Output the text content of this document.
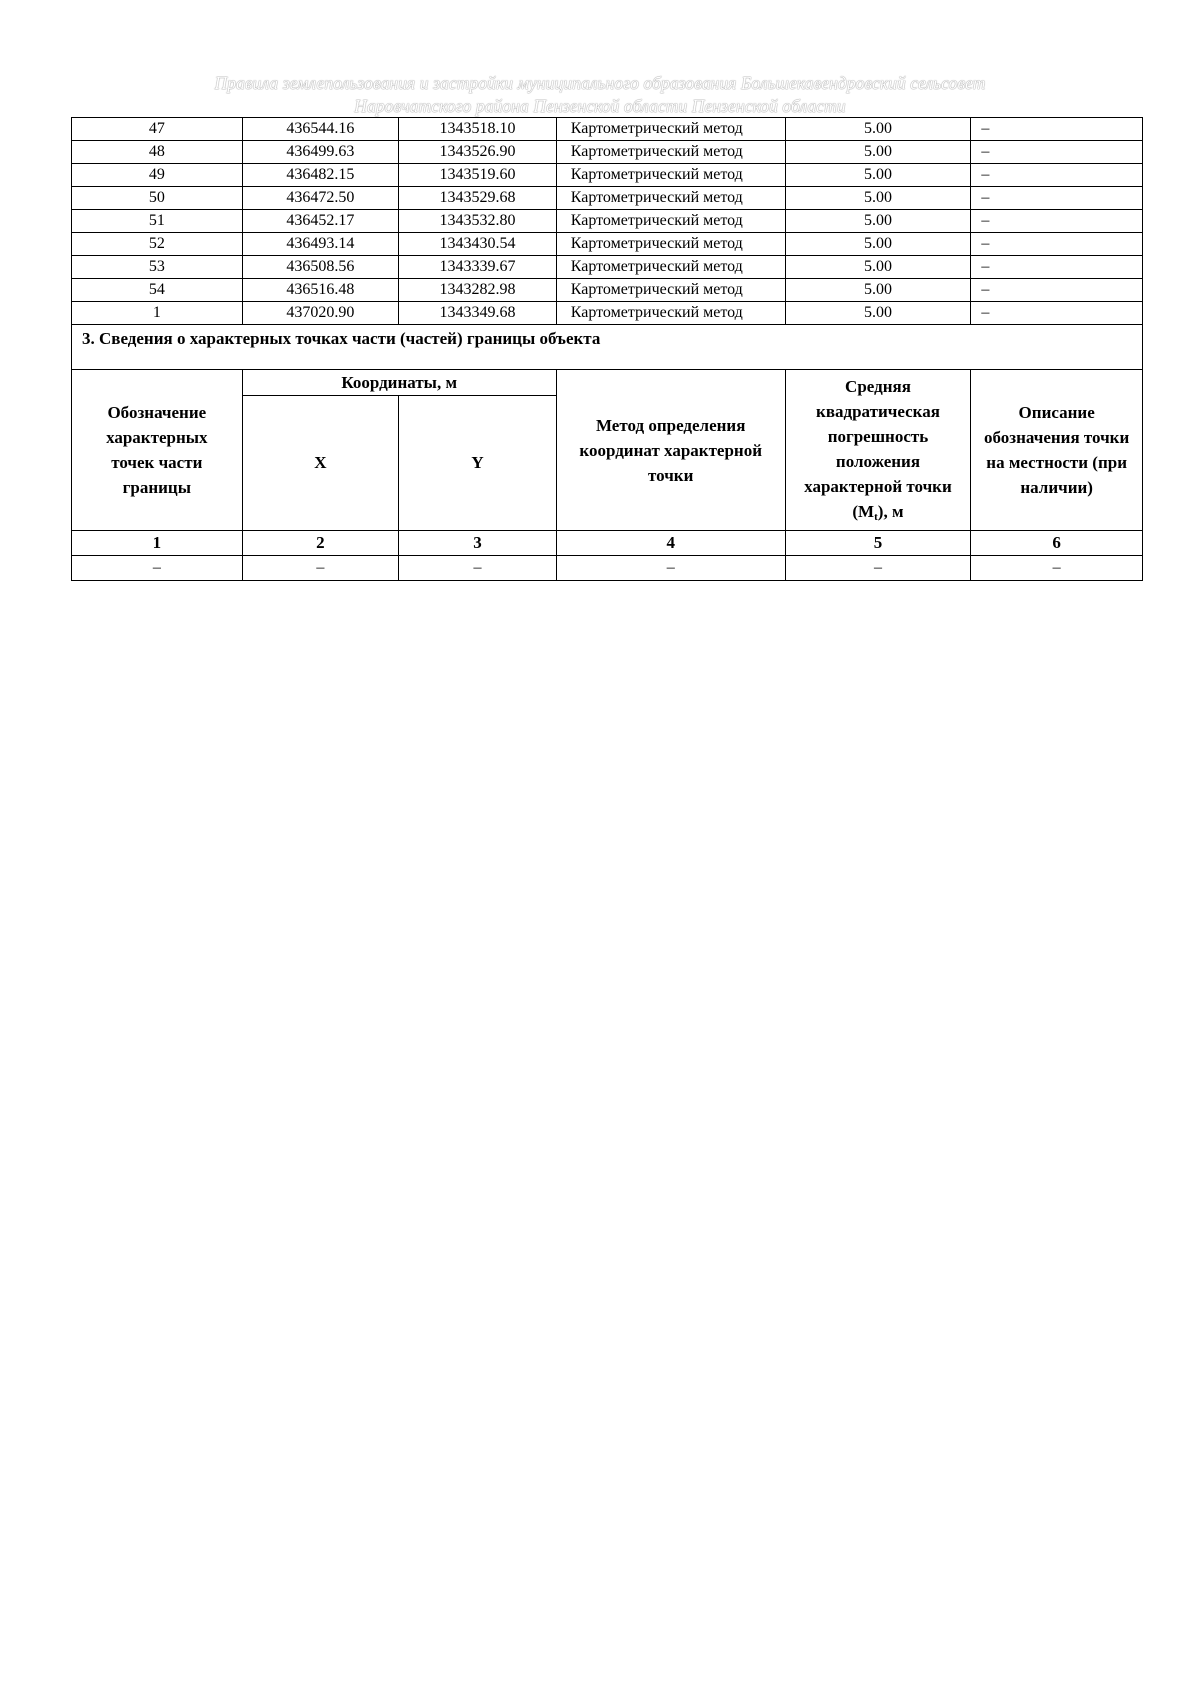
Правила землепользования и застройки муниципального образования Большекавендровский сельсовет
Наровчатского района Пензенской области Пензенской области
47	436544.16	1343518.10	Картометрический метод	5.00	–
48	436499.63	1343526.90	Картометрический метод	5.00	–
49	436482.15	1343519.60	Картометрический метод	5.00	–
50	436472.50	1343529.68	Картометрический метод	5.00	–
51	436452.17	1343532.80	Картометрический метод	5.00	–
52	436493.14	1343430.54	Картометрический метод	5.00	–
53	436508.56	1343339.67	Картометрический метод	5.00	–
54	436516.48	1343282.98	Картометрический метод	5.00	–
1	437020.90	1343349.68	Картометрический метод	5.00	–
3. Сведения о характерных точках части (частей) границы объекта					

Обозначение характерных точек части границы	Координаты, м		Метод определения координат характерной точки	Средняя квадратическая погрешность положения характерной точки (Mt), м	Описание обозначения точки на местности (при наличии)

	X	Y			
1	2	3	4	5	6
–	–	–	–	–	–
